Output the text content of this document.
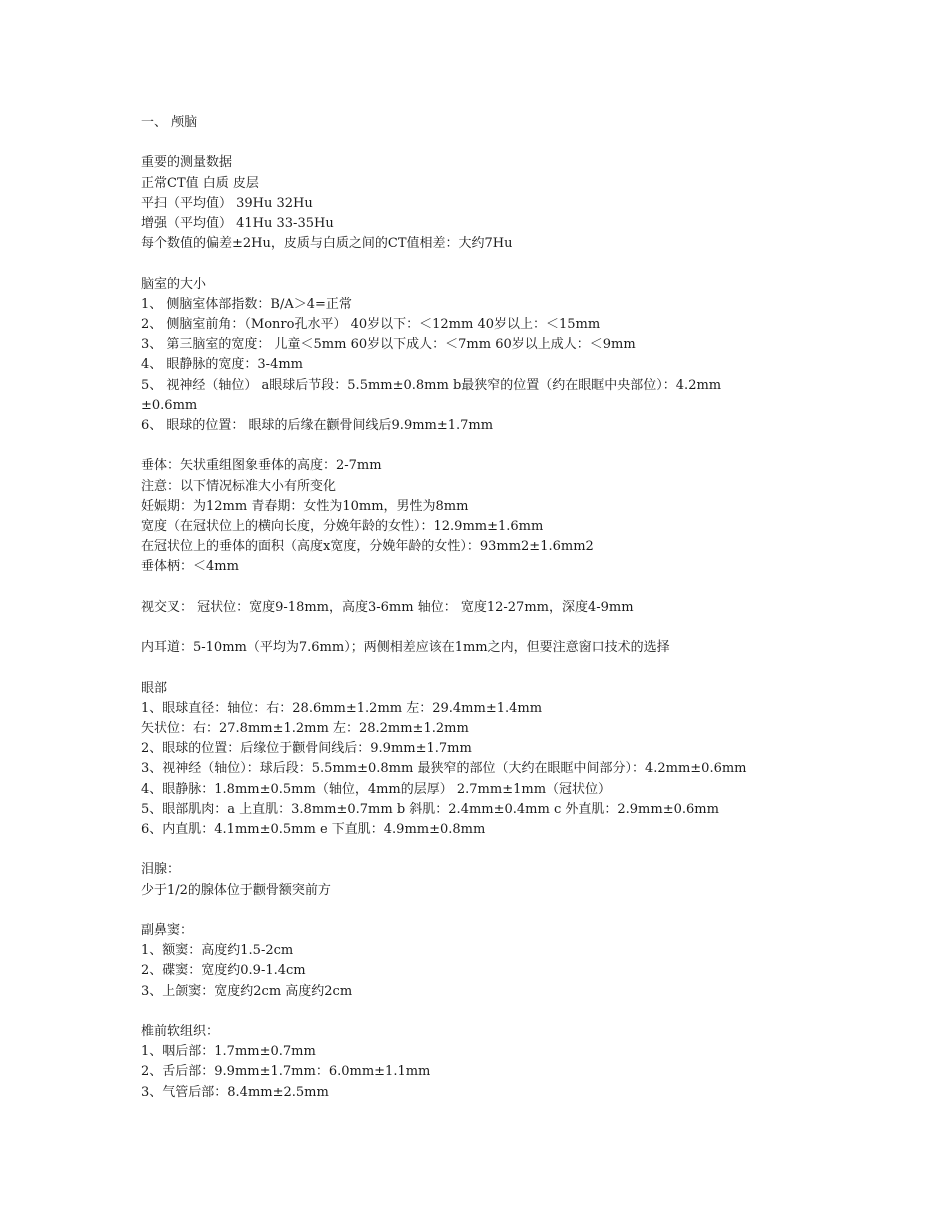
一、 颅脑
重要的测量数据
正常CT值 白质 皮层
平扫（平均值） 39Hu 32Hu
增强（平均值） 41Hu 33-35Hu
每个数值的偏差±2Hu，皮质与白质之间的CT值相差：大约7Hu
脑室的大小
1、 侧脑室体部指数：B/A＞4=正常
2、 侧脑室前角：（Monro孔水平） 40岁以下：＜12mm 40岁以上：＜15mm
3、 第三脑室的宽度： 儿童＜5mm 60岁以下成人：＜7mm 60岁以上成人：＜9mm
4、 眼静脉的宽度：3-4mm
5、 视神经（轴位） a眼球后节段：5.5mm±0.8mm b最狭窄的位置（约在眼眶中央部位）：4.2mm
±0.6mm
6、 眼球的位置： 眼球的后缘在颧骨间线后9.9mm±1.7mm
垂体：矢状重组图象垂体的高度：2-7mm
注意：以下情况标准大小有所变化
妊娠期：为12mm 青春期：女性为10mm，男性为8mm
宽度（在冠状位上的横向长度，分娩年龄的女性）：12.9mm±1.6mm
在冠状位上的垂体的面积（高度x宽度，分娩年龄的女性）：93mm2±1.6mm2
垂体柄：＜4mm
视交叉： 冠状位：宽度9-18mm，高度3-6mm 轴位： 宽度12-27mm，深度4-9mm
内耳道：5-10mm（平均为7.6mm）；两侧相差应该在1mm之内，但要注意窗口技术的选择
眼部
1、眼球直径：轴位：右：28.6mm±1.2mm 左：29.4mm±1.4mm
矢状位：右：27.8mm±1.2mm 左：28.2mm±1.2mm
2、眼球的位置：后缘位于颧骨间线后：9.9mm±1.7mm
3、视神经（轴位）：球后段：5.5mm±0.8mm 最狭窄的部位（大约在眼眶中间部分）：4.2mm±0.6mm
4、眼静脉：1.8mm±0.5mm（轴位，4mm的层厚） 2.7mm±1mm（冠状位）
5、眼部肌肉：a 上直肌：3.8mm±0.7mm b 斜肌：2.4mm±0.4mm c 外直肌：2.9mm±0.6mm
6、内直肌：4.1mm±0.5mm e 下直肌：4.9mm±0.8mm
泪腺：
少于1/2的腺体位于颧骨额突前方
副鼻窦：
1、额窦：高度约1.5-2cm
2、碟窦：宽度约0.9-1.4cm
3、上颌窦：宽度约2cm 高度约2cm
椎前软组织：
1、咽后部：1.7mm±0.7mm
2、舌后部：9.9mm±1.7mm：6.0mm±1.1mm
3、气管后部：8.4mm±2.5mm
